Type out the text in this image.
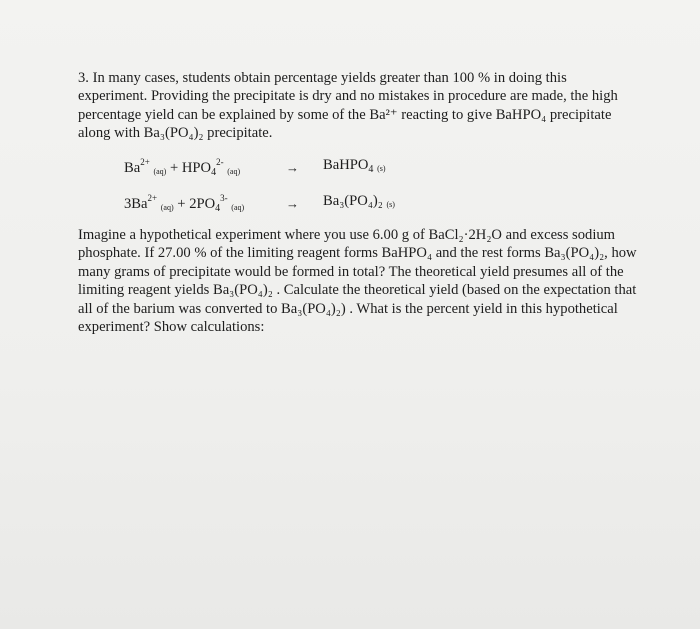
3. In many cases, students obtain percentage yields greater than 100 % in doing this experiment. Providing the precipitate is dry and no mistakes in procedure are made, the high percentage yield can be explained by some of the Ba²⁺ reacting to give BaHPO₄ precipitate along with Ba₃(PO₄)₂ precipitate.

$Ba^{2+}$ $(aq) + HPO_4^{2-}$ (aq)	→ BaHPO$_4$ (s)
$3Ba^{2+}$ $(aq) + 2PO_4^{3-}$ (aq)	→ Ba₃(PO₄)₂ (s)

Imagine a hypothetical experiment where you use 6.00 g of BaCl₂·2H₂O and excess sodium phosphate. If 27.00 % of the limiting reagent forms BaHPO₄ and the rest forms Ba₃(PO₄)₂, how many grams of precipitate would be formed in total? The theoretical yield presumes all of the limiting reagent yields Ba₃(PO₄)₂ . Calculate the theoretical yield (based on the expectation that all of the barium was converted to Ba₃(PO₄)₂) . What is the percent yield in this hypothetical experiment? Show calculations:
